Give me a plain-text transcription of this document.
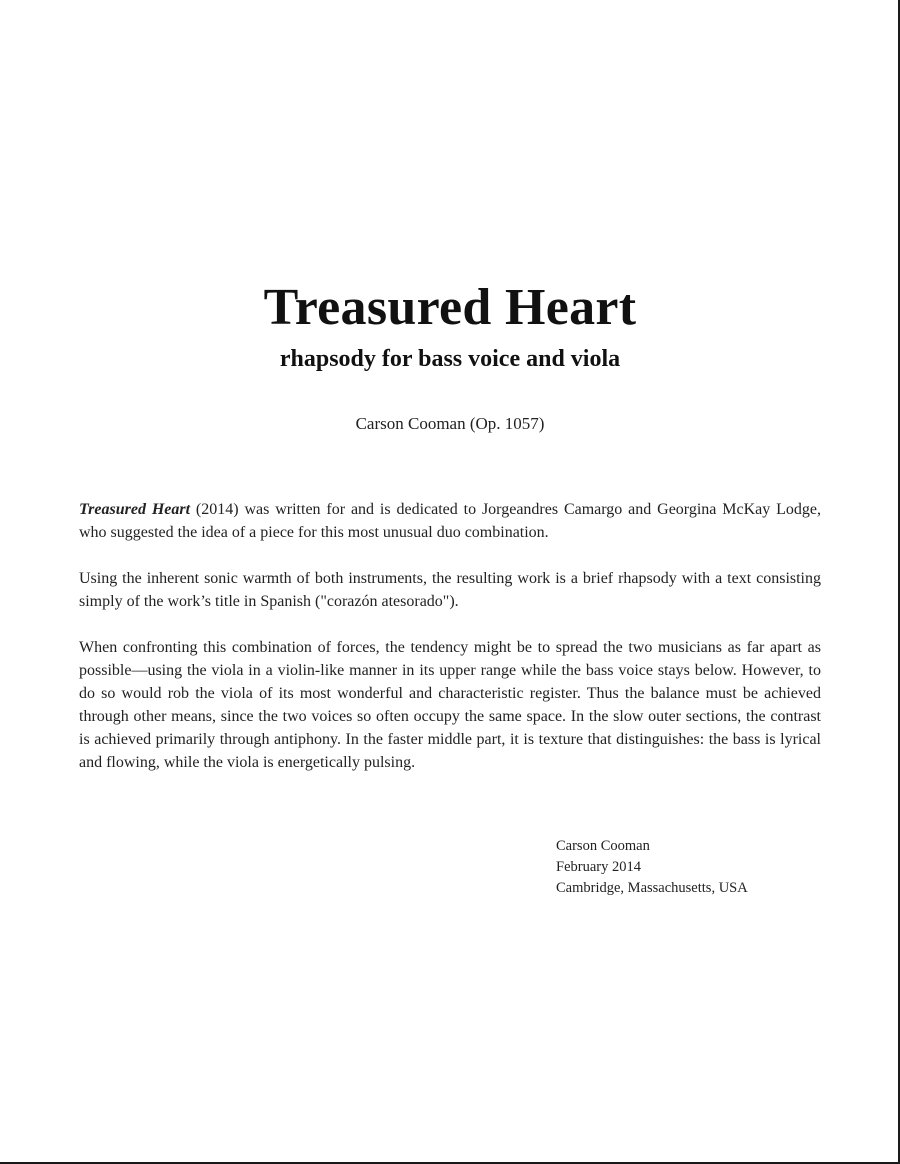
Treasured Heart
rhapsody for bass voice and viola

Carson Cooman (Op. 1057)

Treasured Heart (2014) was written for and is dedicated to Jorgeandres Camargo and Georgina McKay Lodge, who suggested the idea of a piece for this most unusual duo combination.

Using the inherent sonic warmth of both instruments, the resulting work is a brief rhapsody with a text consisting simply of the work’s title in Spanish ("corazón atesorado").

When confronting this combination of forces, the tendency might be to spread the two musicians as far apart as possible—using the viola in a violin-like manner in its upper range while the bass voice stays below. However, to do so would rob the viola of its most wonderful and characteristic register. Thus the balance must be achieved through other means, since the two voices so often occupy the same space. In the slow outer sections, the contrast is achieved primarily through antiphony. In the faster middle part, it is texture that distinguishes: the bass is lyrical and flowing, while the viola is energetically pulsing.

Carson Cooman
February 2014
Cambridge, Massachusetts, USA
